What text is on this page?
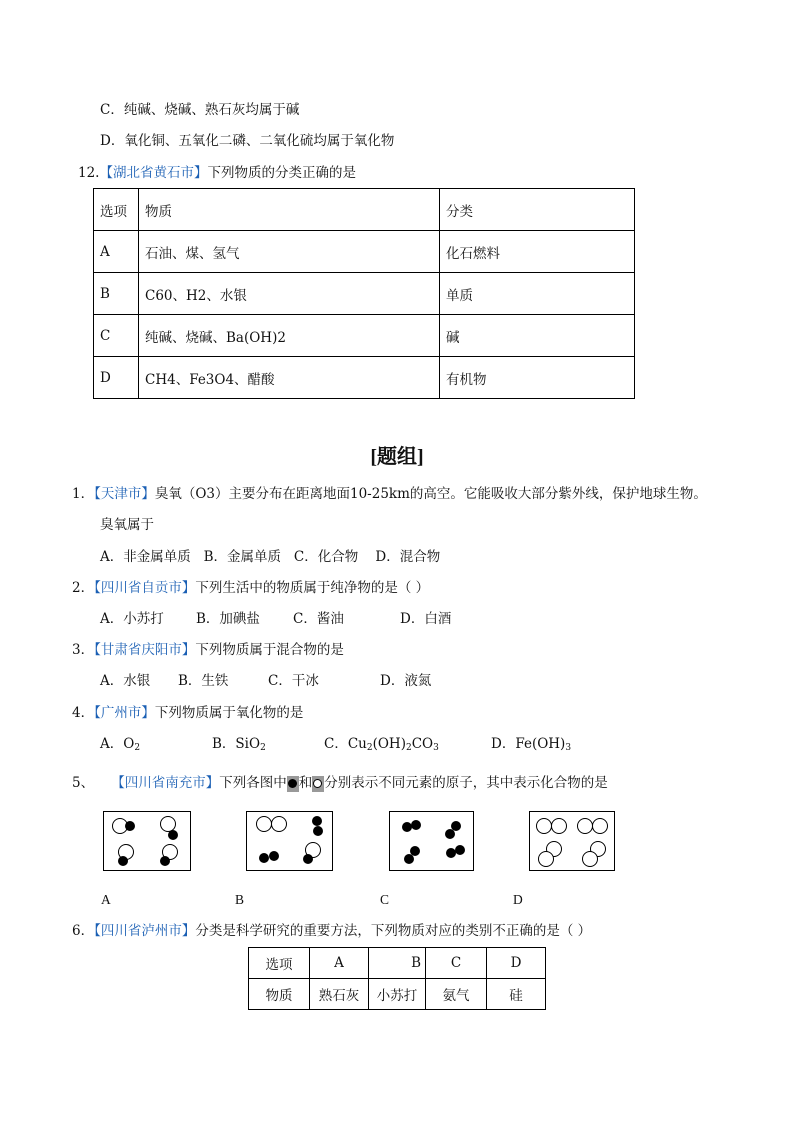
C．纯碱、烧碱、熟石灰均属于碱
D．氧化铜、五氧化二磷、二氧化硫均属于氧化物
12.【湖北省黄石市】下列物质的分类正确的是
选项	物质	分类
A	石油、煤、氢气	化石燃料
B	C60、H2、水银	单质
C	纯碱、烧碱、Ba(OH)2	碱
D	CH4、Fe3O4、醋酸	有机物
[题组]
1．【天津市】臭氧（O3）主要分布在距离地面10-25km的高空。它能吸收大部分紫外线，保护地球生物。
臭氧属于
A．非金属单质   B．金属单质   C．化合物    D．混合物
2．【四川省自贡市】下列生活中的物质属于纯净物的是（ ）
A．小苏打 B．加碘盐 C．酱油	D．白酒
3．【甘肃省庆阳市】下列物质属于混合物的是
A．水银 B．生铁	C．干冰	D．液氮
4．【广州市】下列物质属于氧化物的是
A．$O_2$	B．SiO$_2$	C．$Cu_2(OH)_2CO_3$	D．$Fe(OH)_3$
5、 【四川省南充市】下列各图中 和 分别表示不同元素的原子，其中表示化合物的是
A	B	C	D
6．【四川省泸州市】分类是科学研究的重要方法，下列物质对应的类别不正确的是（ ）
选项	A	B	C	D
物质	熟石灰	小苏打	氨气	硅
